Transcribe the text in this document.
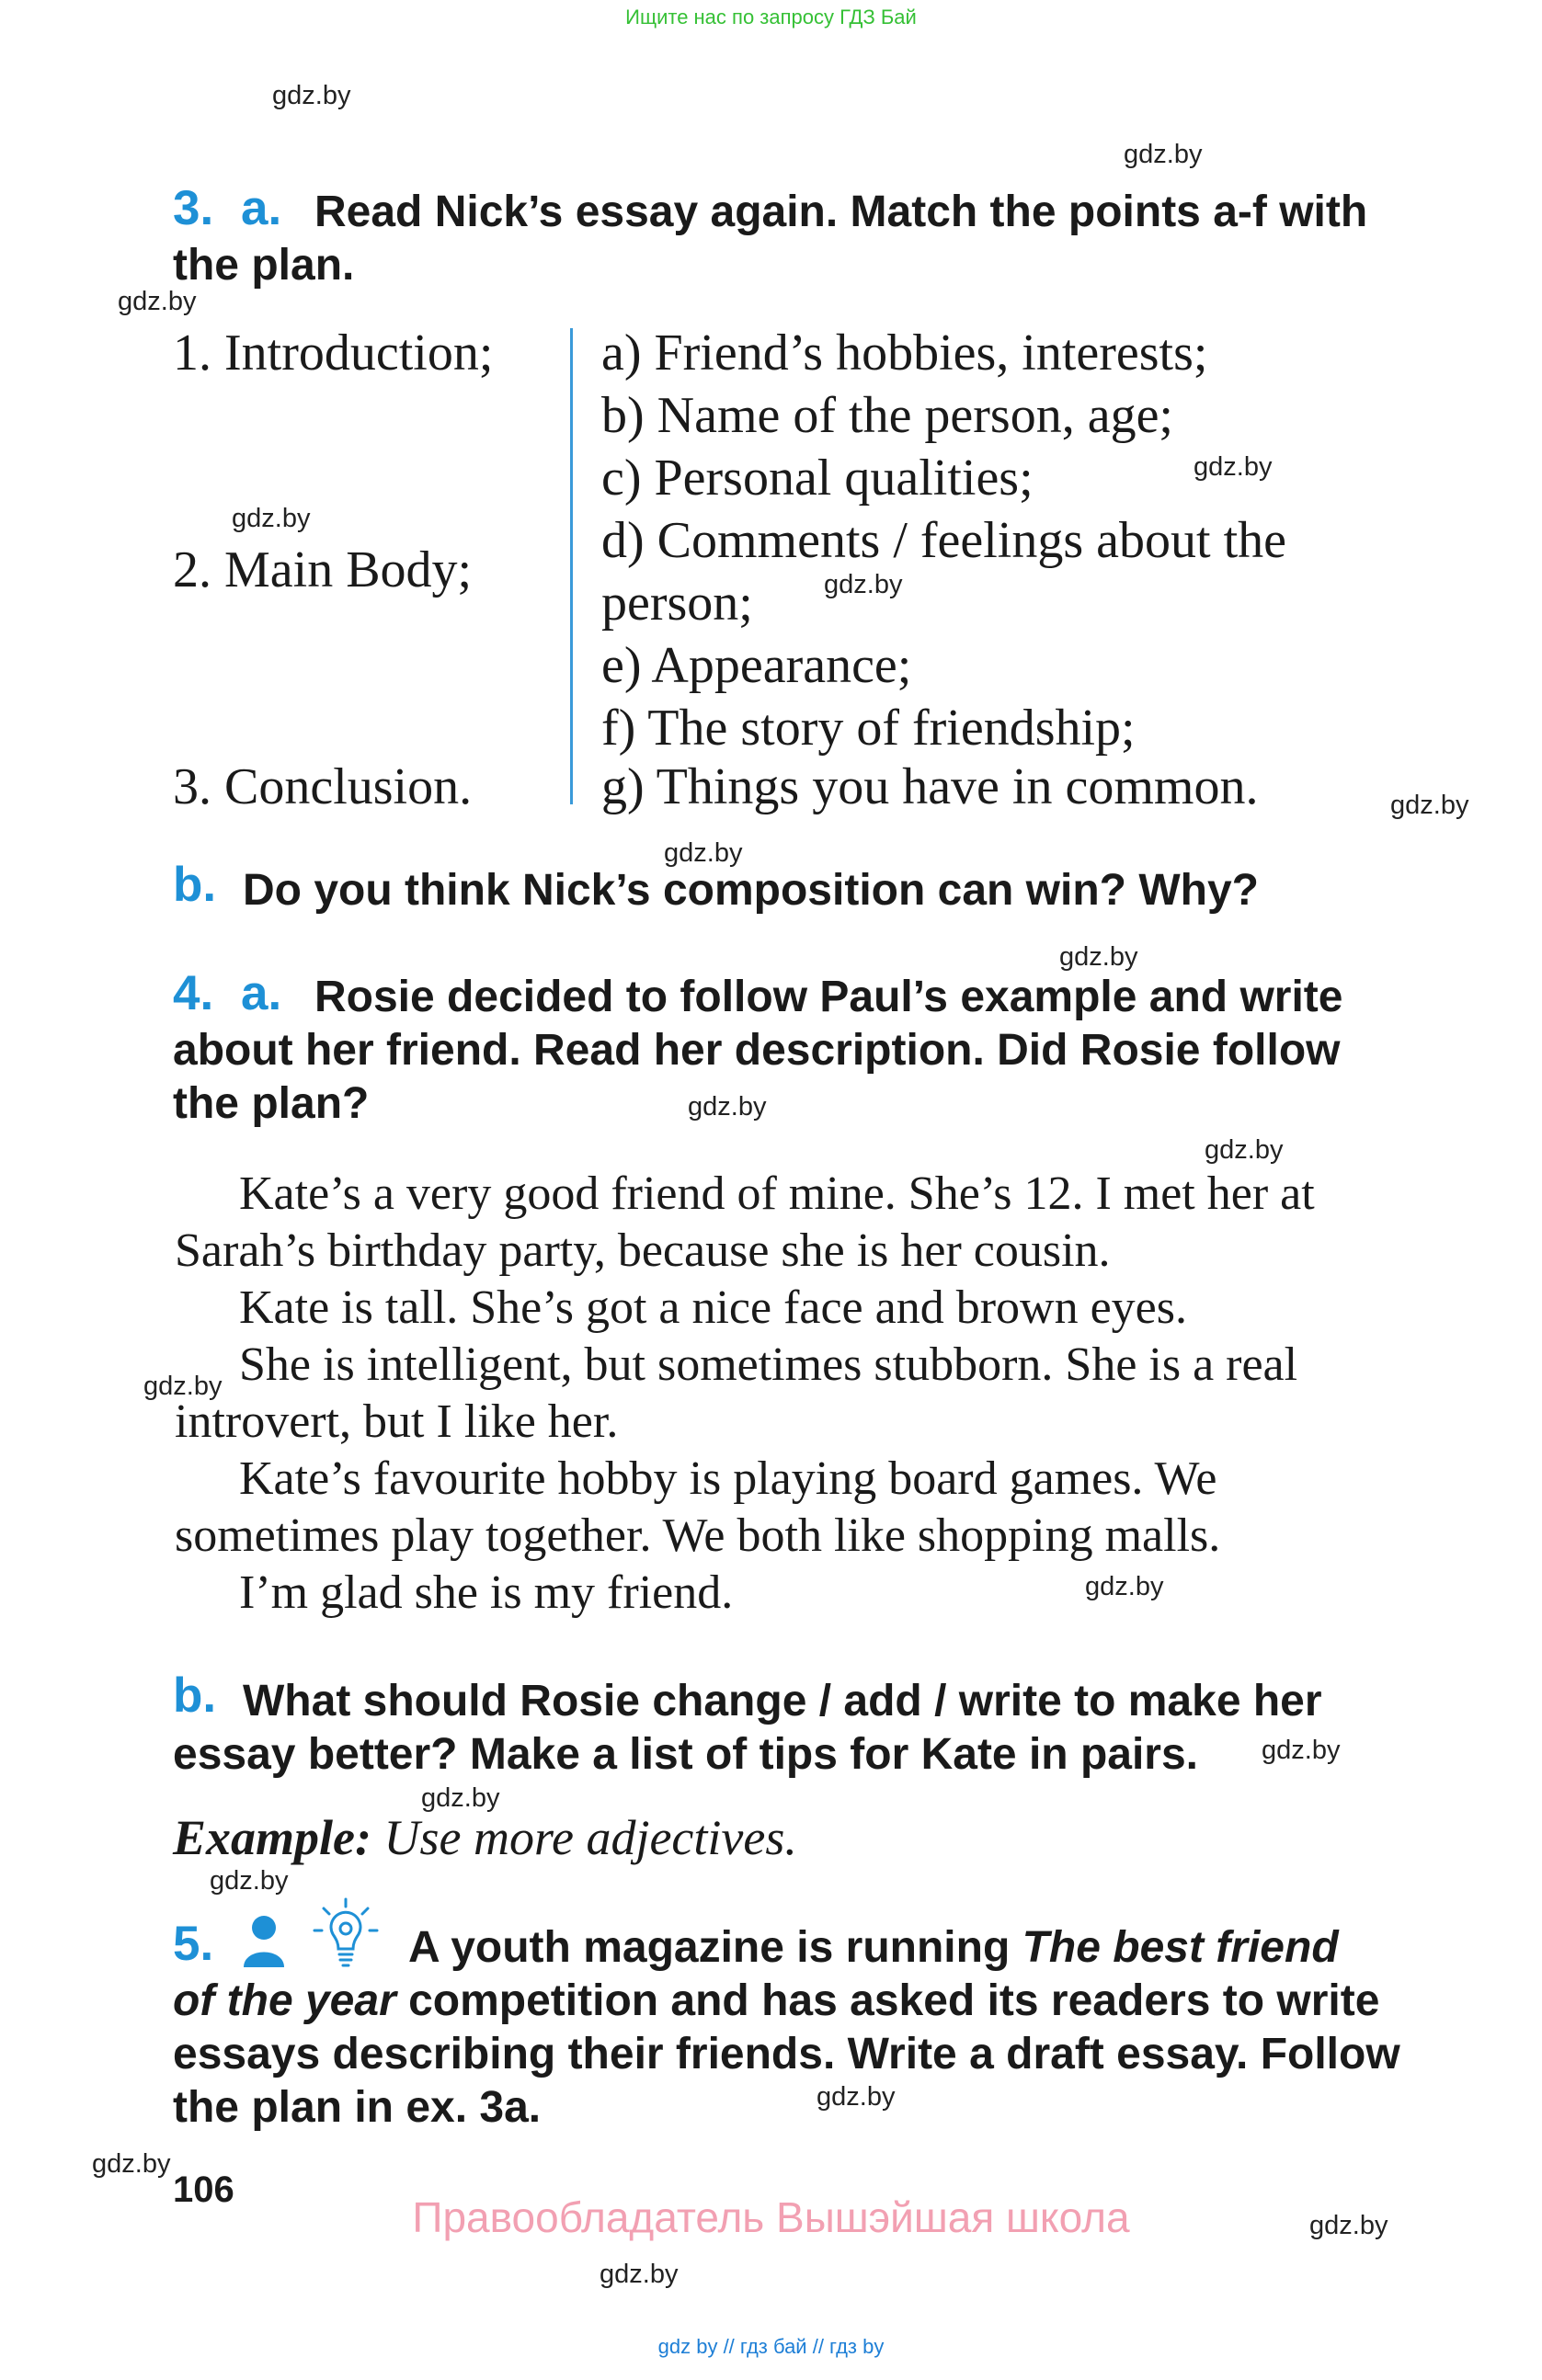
Ищите нас по запросу ГДЗ Бай
gdz.by
gdz.by
gdz.by
gdz.by
gdz.by
gdz.by
gdz.by
gdz.by
gdz.by
gdz.by
gdz.by
gdz.by
gdz.by
gdz.by
gdz.by
gdz.by
gdz.by
gdz.by
gdz.by
gdz.by
3. a. Read Nick’s essay again. Match the points a-f with
the plan.
1. Introduction;
2. Main Body;
3. Conclusion.
a) Friend’s hobbies, interests;
b) Name of the person, age;
c) Personal qualities;
d) Comments / feelings about the
person;
e) Appearance;
f) The story of friendship;
g) Things you have in common.
b. Do you think Nick’s composition can win? Why?
4. a. Rosie decided to follow Paul’s example and write
about her friend. Read her description. Did Rosie follow
the plan?

Kate’s a very good friend of mine. She’s 12. I met her at Sarah’s birthday party, because she is her cousin.

Kate is tall. She’s got a nice face and brown eyes.

She is intelligent, but sometimes stubborn. She is a real introvert, but I like her.

Kate’s favourite hobby is playing board games. We sometimes play together. We both like shopping malls.

I’m glad she is my friend.

b. What should Rosie change / add / write to make her
essay better? Make a list of tips for Kate in pairs.
Example: Use more adjectives.
5.	A youth magazine is running The best friend
of the year competition and has asked its readers to write
essays describing their friends. Write a draft essay. Follow
the plan in ex. 3a.
106
Правообладатель Вышэйшая школа
gdz by // гдз бай // гдз by
